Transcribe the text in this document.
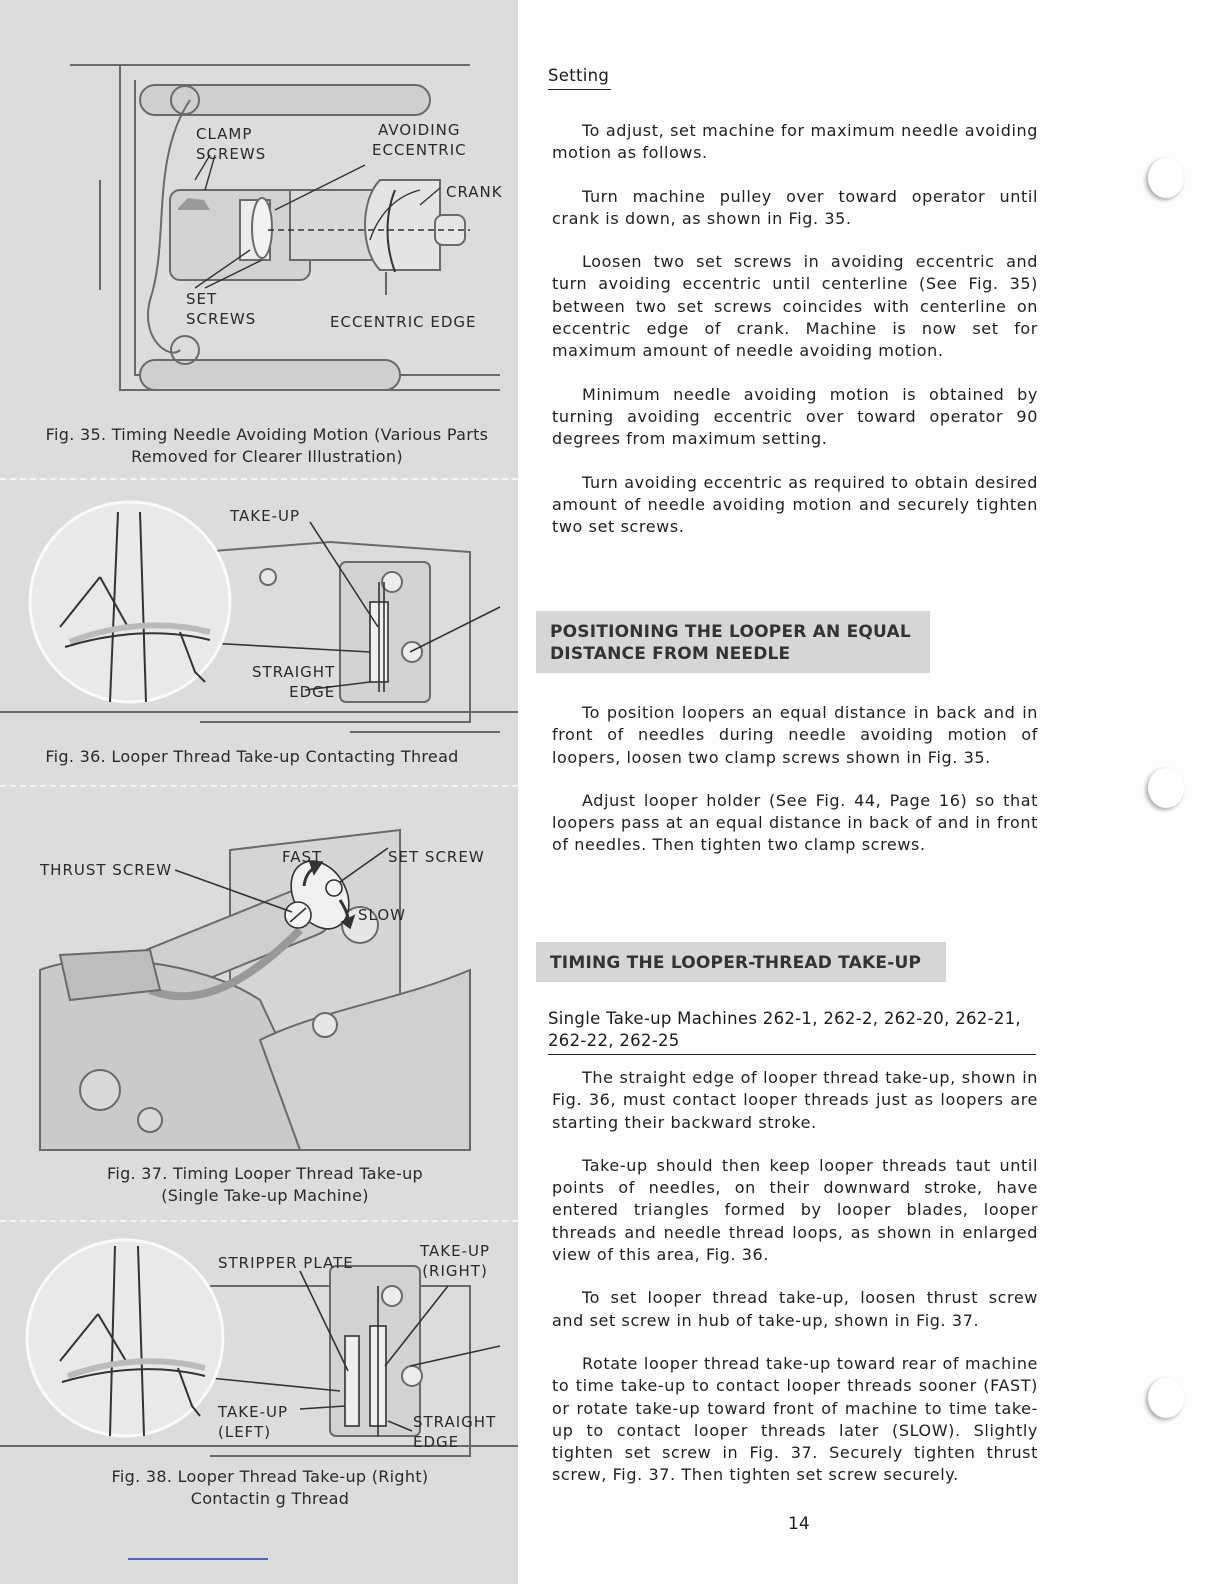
CLAMP
SCREWS
AVOIDING
ECCENTRIC
CRANK
SET
SCREWS	ECCENTRIC EDGE
Fig. 35. Timing Needle Avoiding Motion (Various Parts Removed for Clearer Illustration)
TAKE-UP
STRAIGHT
EDGE
Fig. 36. Looper Thread Take-up Contacting Thread
THRUST SCREW
FAST	SET SCREW
SLOW
Fig. 37. Timing Looper Thread Take-up
(Single Take-up Machine)
STRIPPER PLATE
TAKE-UP
(RIGHT)
TAKE-UP
(LEFT)
STRAIGHT
EDGE
Fig. 38. Looper Thread Take-up (Right)
Contactin g Thread
Setting

To adjust, set machine for maximum needle avoiding motion as follows.

Turn machine pulley over toward operator until crank is down, as shown in Fig. 35.

Loosen two set screws in avoiding eccentric and turn avoiding eccentric until centerline (See Fig. 35) between two set screws coincides with centerline on eccentric edge of crank. Machine is now set for maximum amount of needle avoiding motion.

Minimum needle avoiding motion is obtained by turning avoiding eccentric over toward operator 90 degrees from maximum setting.

Turn avoiding eccentric as required to obtain desired amount of needle avoiding motion and securely tighten two set screws.

POSITIONING THE LOOPER AN EQUAL
DISTANCE FROM NEEDLE

To position loopers an equal distance in back and in front of needles during needle avoiding motion of loopers, loosen two clamp screws shown in Fig. 35.

Adjust looper holder (See Fig. 44, Page 16) so that loopers pass at an equal distance in back of and in front of needles. Then tighten two clamp screws.

TIMING THE LOOPER-THREAD TAKE-UP
Single Take-up Machines 262-1, 262-2, 262-20, 262-21,
262-22, 262-25

The straight edge of looper thread take-up, shown in Fig. 36, must contact looper threads just as loopers are starting their backward stroke.

Take-up should then keep looper threads taut until points of needles, on their downward stroke, have entered triangles formed by looper blades, looper threads and needle thread loops, as shown in enlarged view of this area, Fig. 36.

To set looper thread take-up, loosen thrust screw and set screw in hub of take-up, shown in Fig. 37.

Rotate looper thread take-up toward rear of machine to time take-up to contact looper threads sooner (FAST) or rotate take-up toward front of machine to time take-up to contact looper threads later (SLOW). Slightly tighten set screw in Fig. 37. Securely tighten thrust screw, Fig. 37. Then tighten set screw securely.

14
